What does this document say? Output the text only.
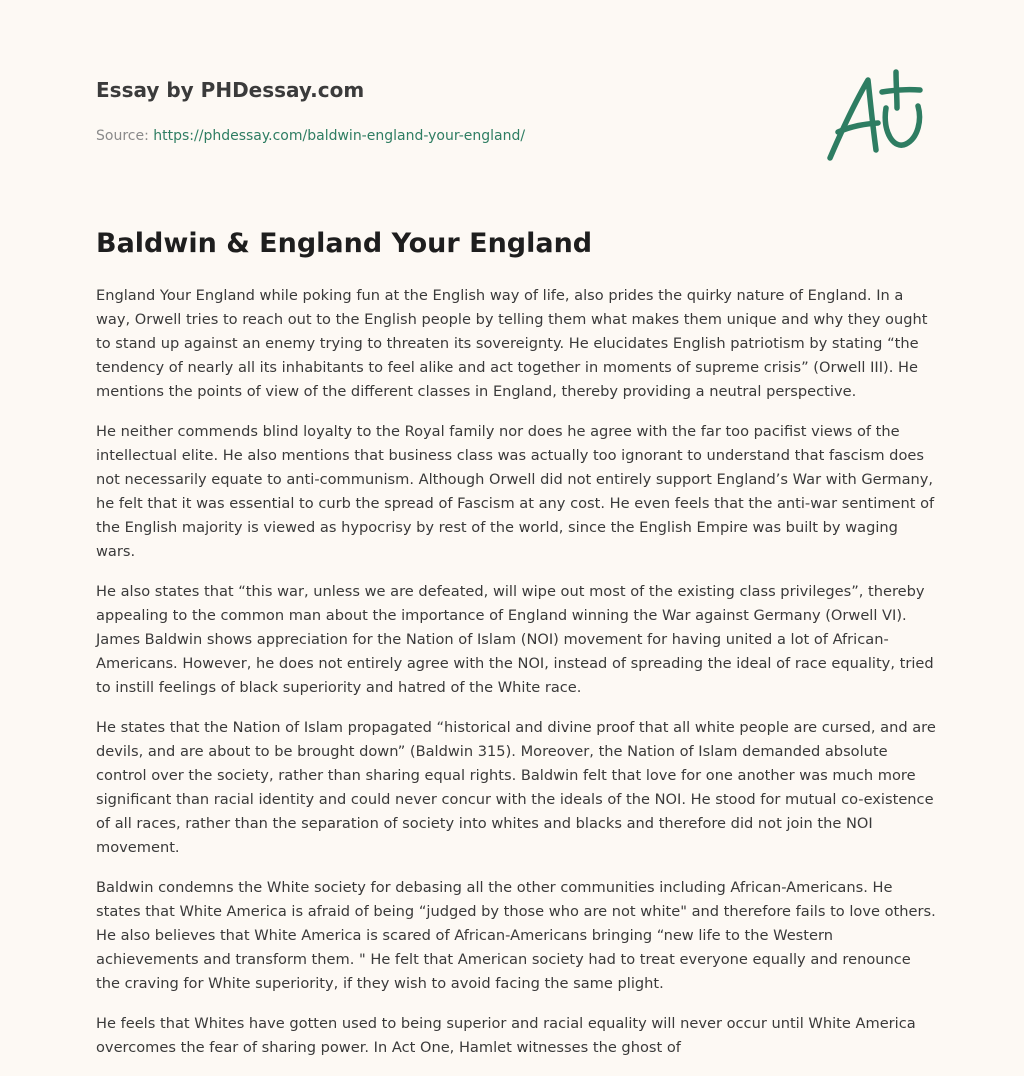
Essay by PHDessay.com
Source: https://phdessay.com/baldwin-england-your-england/
Baldwin & England Your England

England Your England while poking fun at the English way of life, also prides the quirky nature of England. In a way, Orwell tries to reach out to the English people by telling them what makes them unique and why they ought to stand up against an enemy trying to threaten its sovereignty. He elucidates English patriotism by stating “the tendency of nearly all its inhabitants to feel alike and act together in moments of supreme crisis” (Orwell III). He mentions the points of view of the different classes in England, thereby providing a neutral perspective.

He neither commends blind loyalty to the Royal family nor does he agree with the far too pacifist views of the intellectual elite. He also mentions that business class was actually too ignorant to understand that fascism does not necessarily equate to anti-communism. Although Orwell did not entirely support England’s War with Germany, he felt that it was essential to curb the spread of Fascism at any cost. He even feels that the anti-war sentiment of the English majority is viewed as hypocrisy by rest of the world, since the English Empire was built by waging wars.

He also states that “this war, unless we are defeated, will wipe out most of the existing class privileges”, thereby appealing to the common man about the importance of England winning the War against Germany (Orwell VI). James Baldwin shows appreciation for the Nation of Islam (NOI) movement for having united a lot of African-Americans. However, he does not entirely agree with the NOI, instead of spreading the ideal of race equality, tried to instill feelings of black superiority and hatred of the White race.

He states that the Nation of Islam propagated “historical and divine proof that all white people are cursed, and are devils, and are about to be brought down” (Baldwin 315). Moreover, the Nation of Islam demanded absolute control over the society, rather than sharing equal rights. Baldwin felt that love for one another was much more significant than racial identity and could never concur with the ideals of the NOI. He stood for mutual co-existence of all races, rather than the separation of society into whites and blacks and therefore did not join the NOI movement.

Baldwin condemns the White society for debasing all the other communities including African-Americans. He states that White America is afraid of being “judged by those who are not white" and therefore fails to love others. He also believes that White America is scared of African-Americans bringing “new life to the Western achievements and transform them. " He felt that American society had to treat everyone equally and renounce the craving for White superiority, if they wish to avoid facing the same plight.

He feels that Whites have gotten used to being superior and racial equality will never occur until White America overcomes the fear of sharing power. In Act One, Hamlet witnesses the ghost of
